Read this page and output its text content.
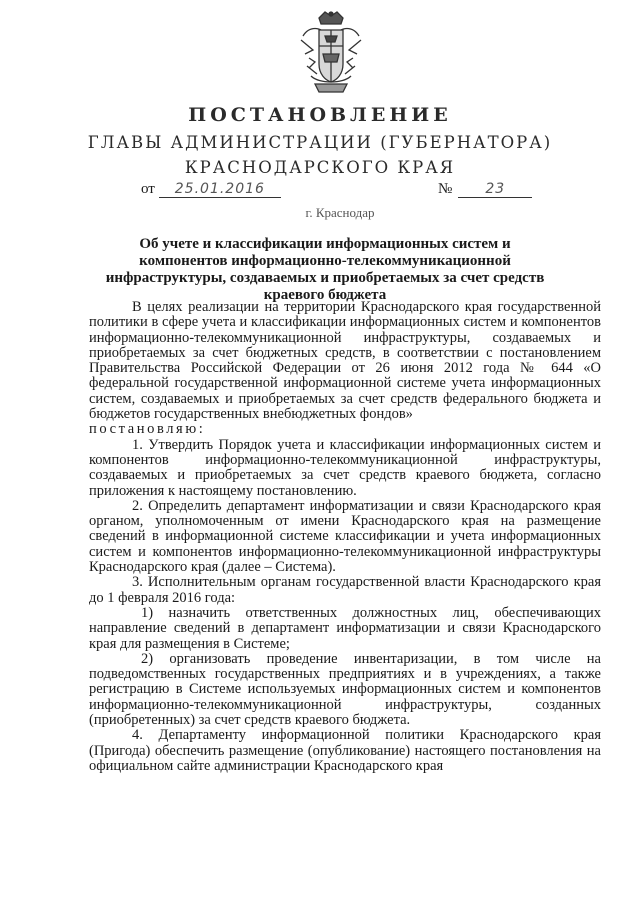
ПОСТАНОВЛЕНИЕ
ГЛАВЫ АДМИНИСТРАЦИИ (ГУБЕРНАТОРА)
КРАСНОДАРСКОГО КРАЯ
от 25.01.2016	№ 23
г. Краснодар
Об учете и классификации информационных систем и компонентов информационно-телекоммуникационной инфраструктуры, создаваемых и приобретаемых за счет средств краевого бюджета

В целях реализации на территории Краснодарского края государственной политики в сфере учета и классификации информационных систем и компонентов информационно-телекоммуникационной инфраструктуры, создаваемых и приобретаемых за счет бюджетных средств, в соответствии с постановлением Правительства Российской Федерации от 26 июня 2012 года № 644 «О федеральной государственной информационной системе учета информационных систем, создаваемых и приобретаемых за счет средств федерального бюджета и бюджетов государственных внебюджетных фондов»

постановляю:

1. Утвердить Порядок учета и классификации информационных систем и компонентов информационно-телекоммуникационной инфраструктуры, создаваемых и приобретаемых за счет средств краевого бюджета, согласно приложения к настоящему постановлению.

2. Определить департамент информатизации и связи Краснодарского края органом, уполномоченным от имени Краснодарского края на размещение сведений в информационной системе классификации и учета информационных систем и компонентов информационно-телекоммуникационной инфраструктуры Краснодарского края (далее – Система).

3. Исполнительным органам государственной власти Краснодарского края до 1 февраля 2016 года:

1) назначить ответственных должностных лиц, обеспечивающих направление сведений в департамент информатизации и связи Краснодарского края для размещения в Системе;

2) организовать проведение инвентаризации, в том числе на подведомственных государственных предприятиях и в учреждениях, а также регистрацию в Системе используемых информационных систем и компонентов информационно-телекоммуникационной инфраструктуры, созданных (приобретенных) за счет средств краевого бюджета.

4. Департаменту информационной политики Краснодарского края (Пригода) обеспечить размещение (опубликование) настоящего постановления на официальном сайте администрации Краснодарского края
